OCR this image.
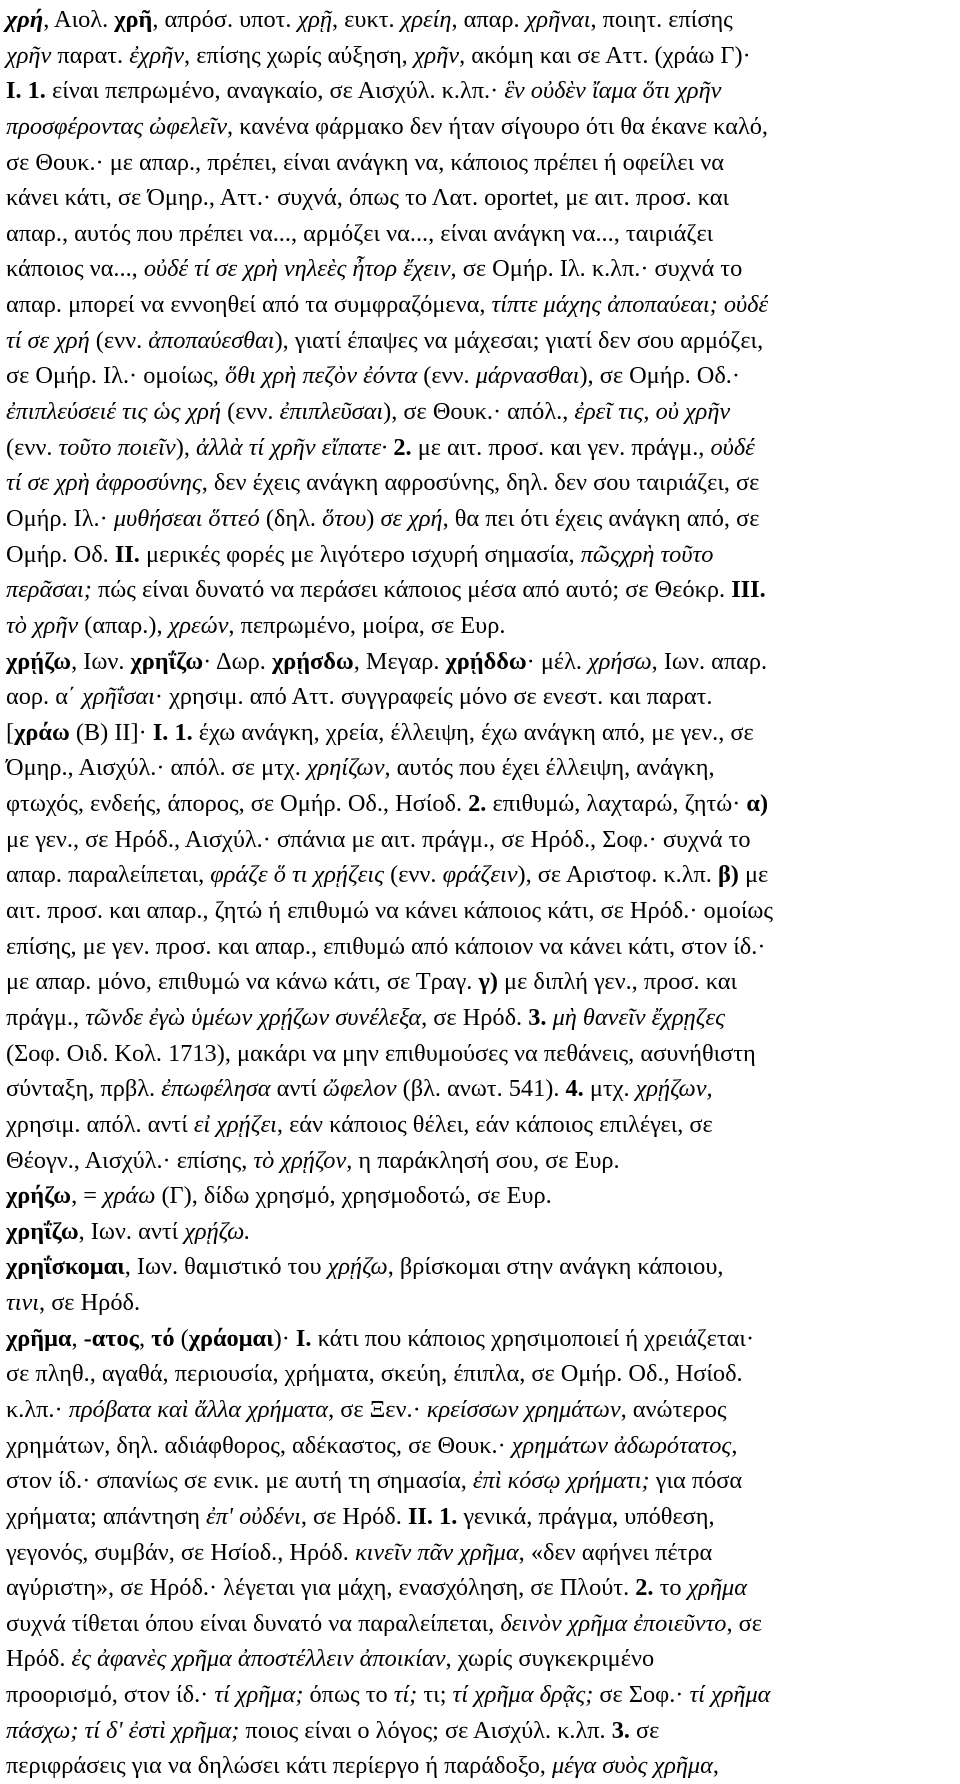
χρή, Αιολ. χρῆ, απρόσ. υποτ. χρῇ, ευκτ. χρείη, απαρ. χρῆναι, ποιητ. επίσης
χρῆν παρατ. ἐχρῆν, επίσης χωρίς αύξηση, χρῆν, ακόμη και σε Αττ. (χράω Γ)·
I. 1. είναι πεπρωμένο, αναγκαίο, σε Αισχύλ. κ.λπ.· ἓν οὐδὲν ἴαμα ὅτι χρῆν
προσφέροντας ὠφελεῖν, κανένα φάρμακο δεν ήταν σίγουρο ότι θα έκανε καλό,
σε Θουκ.· με απαρ., πρέπει, είναι ανάγκη να, κάποιος πρέπει ή οφείλει να
κάνει κάτι, σε Όμηρ., Αττ.· συχνά, όπως το Λατ. oportet, με αιτ. προσ. και
απαρ., αυτός που πρέπει να..., αρμόζει να..., είναι ανάγκη να..., ταιριάζει
κάποιος να..., οὐδέ τί σε χρὴ νηλεὲς ἦτορ ἔχειν, σε Ομήρ. Ιλ. κ.λπ.· συχνά το
απαρ. μπορεί να εννοηθεί από τα συμφραζόμενα, τίπτε μάχης ἀποπαύεαι; οὐδέ
τί σε χρή (ενν. ἀποπαύεσθαι), γιατί έπαψες να μάχεσαι; γιατί δεν σου αρμόζει,
σε Ομήρ. Ιλ.· ομοίως, ὅθι χρὴ πεζὸν ἐόντα (ενν. μάρνασθαι), σε Ομήρ. Οδ.·
ἐπιπλεύσειέ τις ὡς χρή (ενν. ἐπιπλεῦσαι), σε Θουκ.· απόλ., ἐρεῖ τις, οὐ χρῆν
(ενν. τοῦτο ποιεῖν), ἀλλὰ τί χρῆν εἴπατε· 2. με αιτ. προσ. και γεν. πράγμ., οὐδέ
τί σε χρὴ ἀφροσύνης, δεν έχεις ανάγκη αφροσύνης, δηλ. δεν σου ταιριάζει, σε
Ομήρ. Ιλ.· μυθήσεαι ὅττεό (δηλ. ὅτου) σε χρή, θα πει ότι έχεις ανάγκη από, σε
Ομήρ. Οδ. II. μερικές φορές με λιγότερο ισχυρή σημασία, πῶςχρὴ τοῦτο
περᾶσαι; πώς είναι δυνατό να περάσει κάποιος μέσα από αυτό; σε Θεόκρ. III.
τὸ χρῆν (απαρ.), χρεών, πεπρωμένο, μοίρα, σε Ευρ.
χρῄζω, Ιων. χρηΐζω· Δωρ. χρῄσδω, Μεγαρ. χρῄδδω· μέλ. χρήσω, Ιων. απαρ.
αορ. α΄ χρῆΐσαι· χρησιμ. από Αττ. συγγραφείς μόνο σε ενεστ. και παρατ.
[χράω (Β) ΙΙ]· I. 1. έχω ανάγκη, χρεία, έλλειψη, έχω ανάγκη από, με γεν., σε
Όμηρ., Αισχύλ.· απόλ. σε μτχ. χρηίζων, αυτός που έχει έλλειψη, ανάγκη,
φτωχός, ενδεής, άπορος, σε Ομήρ. Οδ., Ησίοδ. 2. επιθυμώ, λαχταρώ, ζητώ· α)
με γεν., σε Ηρόδ., Αισχύλ.· σπάνια με αιτ. πράγμ., σε Ηρόδ., Σοφ.· συχνά το
απαρ. παραλείπεται, φράζε ὅ τι χρῄζεις (ενν. φράζειν), σε Αριστοφ. κ.λπ. β) με
αιτ. προσ. και απαρ., ζητώ ή επιθυμώ να κάνει κάποιος κάτι, σε Ηρόδ.· ομοίως
επίσης, με γεν. προσ. και απαρ., επιθυμώ από κάποιον να κάνει κάτι, στον ίδ.·
με απαρ. μόνο, επιθυμώ να κάνω κάτι, σε Τραγ. γ) με διπλή γεν., προσ. και
πράγμ., τῶνδε ἐγὼ ὑμέων χρῄζων συνέλεξα, σε Ηρόδ. 3. μὴ θανεῖν ἔχρῃζες
(Σοφ. Οιδ. Κολ. 1713), μακάρι να μην επιθυμούσες να πεθάνεις, ασυνήθιστη
σύνταξη, πρβλ. ἐπωφέλησα αντί ὤφελον (βλ. ανωτ. 541). 4. μτχ. χρῄζων,
χρησιμ. απόλ. αντί εἰ χρῄζει, εάν κάποιος θέλει, εάν κάποιος επιλέγει, σε
Θέογν., Αισχύλ.· επίσης, τὸ χρῄζον, η παράκλησή σου, σε Ευρ.
χρήζω, = χράω (Γ), δίδω χρησμό, χρησμοδοτώ, σε Ευρ.
χρηΐζω, Ιων. αντί χρῄζω.
χρηΐσκομαι, Ιων. θαμιστικό του χρῄζω, βρίσκομαι στην ανάγκη κάποιου,
τινι, σε Ηρόδ.
χρῆμα, -ατος, τό (χράομαι)· I. κάτι που κάποιος χρησιμοποιεί ή χρειάζεται·
σε πληθ., αγαθά, περιουσία, χρήματα, σκεύη, έπιπλα, σε Ομήρ. Οδ., Ησίοδ.
κ.λπ.· πρόβατα καὶ ἄλλα χρήματα, σε Ξεν.· κρείσσων χρημάτων, ανώτερος
χρημάτων, δηλ. αδιάφθορος, αδέκαστος, σε Θουκ.· χρημάτων ἀδωρότατος,
στον ίδ.· σπανίως σε ενικ. με αυτή τη σημασία, ἐπὶ κόσῳ χρήματι; για πόσα
χρήματα; απάντηση ἐπ' οὐδένι, σε Ηρόδ. II. 1. γενικά, πράγμα, υπόθεση,
γεγονός, συμβάν, σε Ησίοδ., Ηρόδ. κινεῖν πᾶν χρῆμα, «δεν αφήνει πέτρα
αγύριστη», σε Ηρόδ.· λέγεται για μάχη, ενασχόληση, σε Πλούτ. 2. το χρῆμα
συχνά τίθεται όπου είναι δυνατό να παραλείπεται, δεινὸν χρῆμα ἐποιεῦντο, σε
Ηρόδ. ἐς ἀφανὲς χρῆμα ἀποστέλλειν ἀποικίαν, χωρίς συγκεκριμένο
προορισμό, στον ίδ.· τί χρῆμα; όπως το τί; τι; τί χρῆμα δρᾷς; σε Σοφ.· τί χρῆμα
πάσχω; τί δ' ἐστὶ χρῆμα; ποιος είναι ο λόγος; σε Αισχύλ. κ.λπ. 3. σε
περιφράσεις για να δηλώσει κάτι περίεργο ή παράδοξο, μέγα συὸς χρῆμα,
